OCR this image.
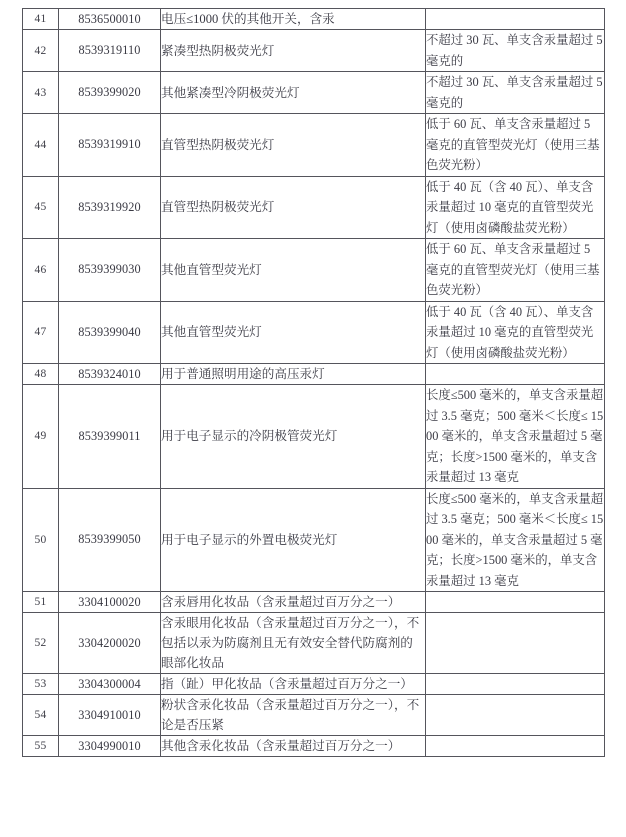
41	8536500010	电压≤1000 伏的其他开关，含汞	
42	8539319110	紧凑型热阴极荧光灯	不超过 30 瓦、单支含汞量超过 5 毫克的
43	8539399020	其他紧凑型冷阴极荧光灯	不超过 30 瓦、单支含汞量超过 5 毫克的
44	8539319910	直管型热阴极荧光灯	低于 60 瓦、单支含汞量超过 5 毫克的直管型荧光灯（使用三基色荧光粉）
45	8539319920	直管型热阴极荧光灯	低于 40 瓦（含 40 瓦）、单支含汞量超过 10 毫克的直管型荧光灯（使用卤磷酸盐荧光粉）
46	8539399030	其他直管型荧光灯	低于 60 瓦、单支含汞量超过 5 毫克的直管型荧光灯（使用三基色荧光粉）
47	8539399040	其他直管型荧光灯	低于 40 瓦（含 40 瓦）、单支含汞量超过 10 毫克的直管型荧光灯（使用卤磷酸盐荧光粉）
48	8539324010	用于普通照明用途的高压汞灯	
49	8539399011	用于电子显示的冷阴极管荧光灯	长度≤500 毫米的，单支含汞量超过 3.5 毫克；500 毫米＜长度≤ 1500 毫米的，单支含汞量超过 5 毫克；长度>1500 毫米的，单支含汞量超过 13 毫克
50	8539399050	用于电子显示的外置电极荧光灯	长度≤500 毫米的，单支含汞量超过 3.5 毫克；500 毫米＜长度≤ 1500 毫米的，单支含汞量超过 5 毫克；长度>1500 毫米的，单支含汞量超过 13 毫克
51	3304100020	含汞唇用化妆品（含汞量超过百万分之一）	
52	3304200020	含汞眼用化妆品（含汞量超过百万分之一），不包括以汞为防腐剂且无有效安全替代防腐剂的眼部化妆品	
53	3304300004	指（趾）甲化妆品（含汞量超过百万分之一）	
54	3304910010	粉状含汞化妆品（含汞量超过百万分之一），不论是否压紧	
55	3304990010	其他含汞化妆品（含汞量超过百万分之一）	
